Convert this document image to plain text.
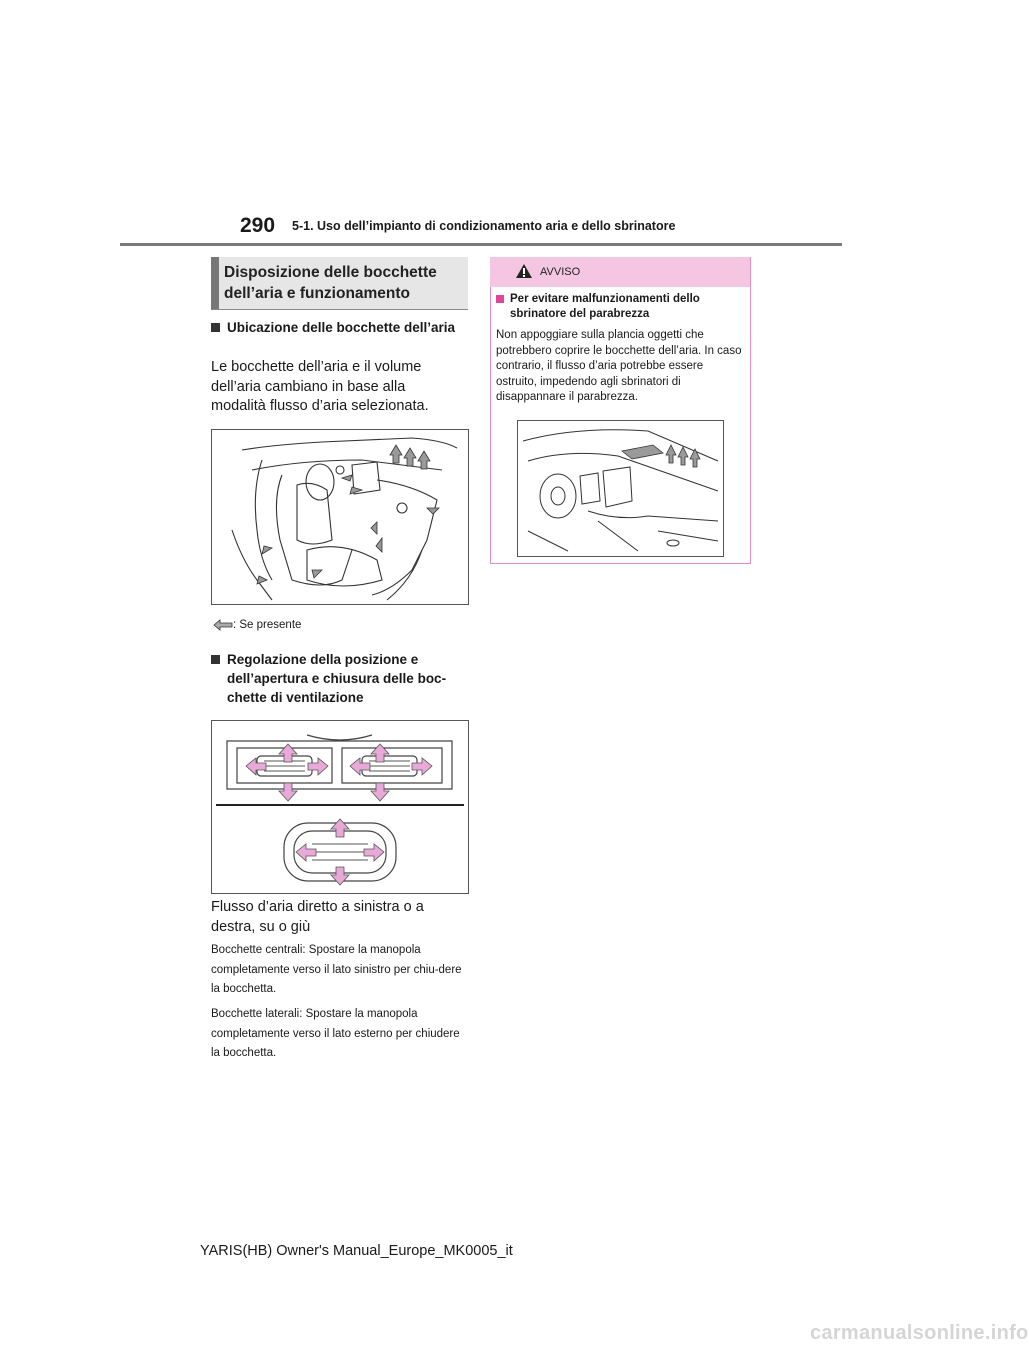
290 5-1. Uso dell’impianto di condizionamento aria e dello sbrinatore
Disposizione delle bocchette dell’aria e funzionamento
Ubicazione delle bocchette dell’aria
Le bocchette dell’aria e il volume dell’aria cambiano in base alla modalità flusso d’aria selezionata.
: Se presente
Regolazione della posizione e dell’apertura e chiusura delle boc-chette di ventilazione
Flusso d’aria diretto a sinistra o a destra, su o giù
Bocchette centrali: Spostare la manopola completamente verso il lato sinistro per chiu-dere la bocchetta.
Bocchette laterali: Spostare la manopola completamente verso il lato esterno per chiudere la bocchetta.
AVVISO
Per evitare malfunzionamenti dello sbrinatore del parabrezza
Non appoggiare sulla plancia oggetti che potrebbero coprire le bocchette dell’aria. In caso contrario, il flusso d’aria potrebbe essere ostruito, impedendo agli sbrinatori di disappannare il parabrezza.
YARIS(HB) Owner's Manual_Europe_MK0005_it
carmanualsonline.info
